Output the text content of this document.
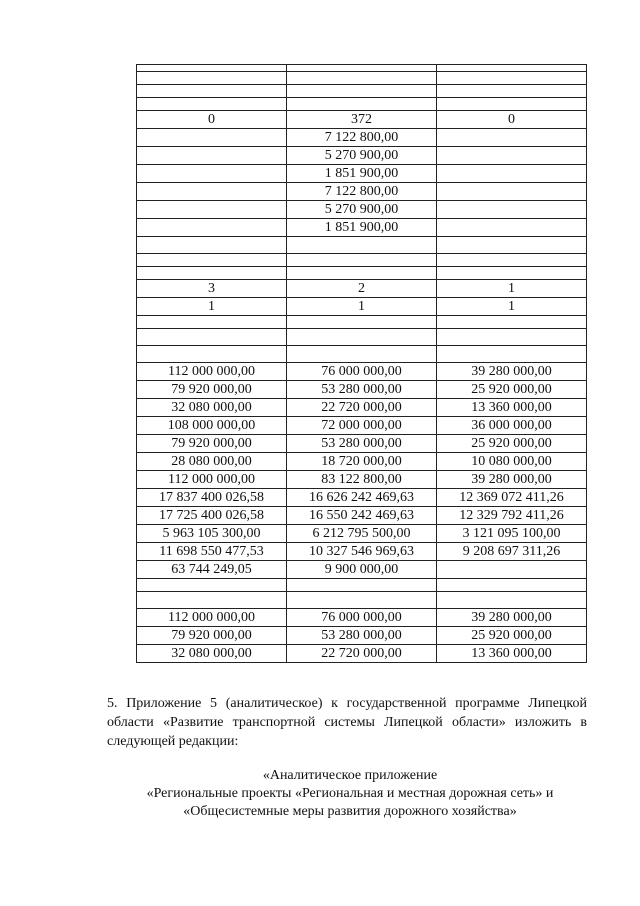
0	372	0
	7 122 800,00	
	5 270 900,00	
	1 851 900,00	
	7 122 800,00	
	5 270 900,00	
	1 851 900,00	

3	2	1
1	1	1

112 000 000,00	76 000 000,00	39 280 000,00
79 920 000,00	53 280 000,00	25 920 000,00
32 080 000,00	22 720 000,00	13 360 000,00
108 000 000,00	72 000 000,00	36 000 000,00
79 920 000,00	53 280 000,00	25 920 000,00
28 080 000,00	18 720 000,00	10 080 000,00
112 000 000,00	83 122 800,00	39 280 000,00
17 837 400 026,58	16 626 242 469,63	12 369 072 411,26
17 725 400 026,58	16 550 242 469,63	12 329 792 411,26
5 963 105 300,00	6 212 795 500,00	3 121 095 100,00
11 698 550 477,53	10 327 546 969,63	9 208 697 311,26
63 744 249,05	9 900 000,00	

112 000 000,00	76 000 000,00	39 280 000,00
79 920 000,00	53 280 000,00	25 920 000,00
32 080 000,00	22 720 000,00	13 360 000,00
5. Приложение 5 (аналитическое) к государственной программе Липецкой области «Развитие транспортной системы Липецкой области» изложить в следующей редакции:
«Аналитическое приложение
«Региональные проекты «Региональная и местная дорожная сеть» и
«Общесистемные меры развития дорожного хозяйства»
